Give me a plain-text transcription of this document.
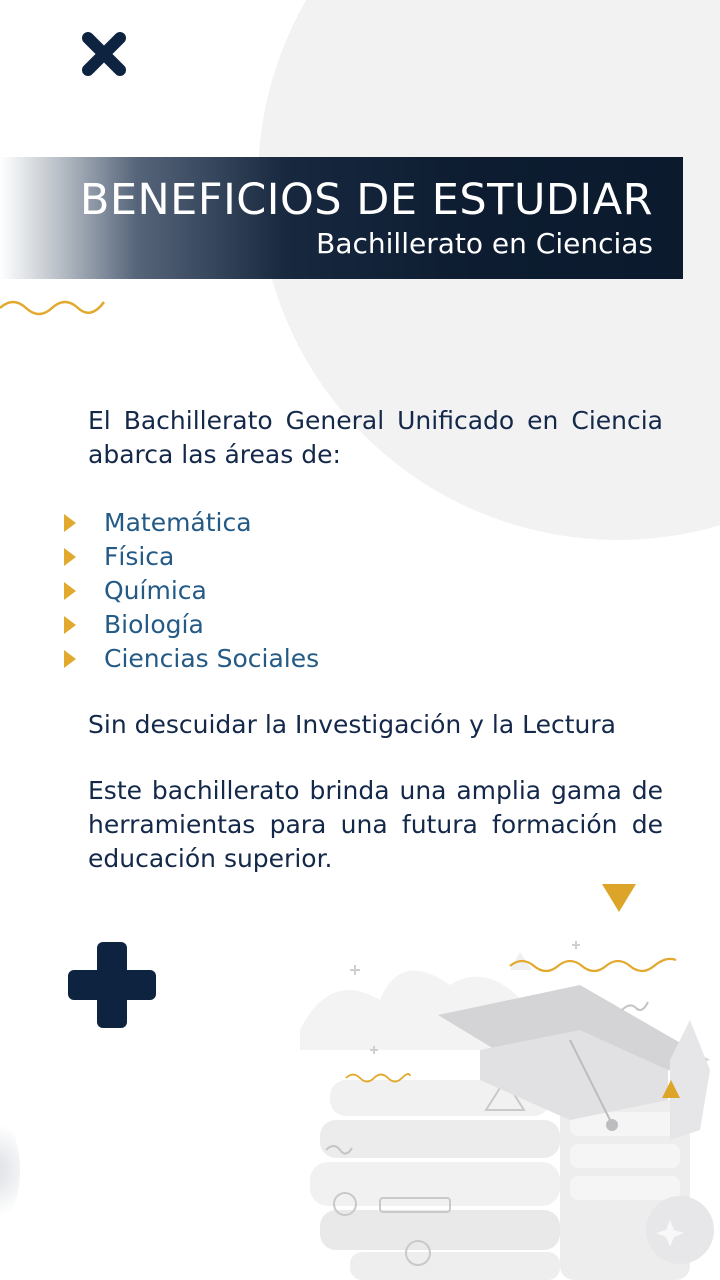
BENEFICIOS DE ESTUDIAR
Bachillerato en Ciencias

El Bachillerato General Unificado en Ciencia abarca las áreas de:

Matemática
Física
Química
Biología
Ciencias Sociales

Sin descuidar la Investigación y la Lectura

Este bachillerato brinda una amplia gama de herramientas para una futura formación de educación superior.
